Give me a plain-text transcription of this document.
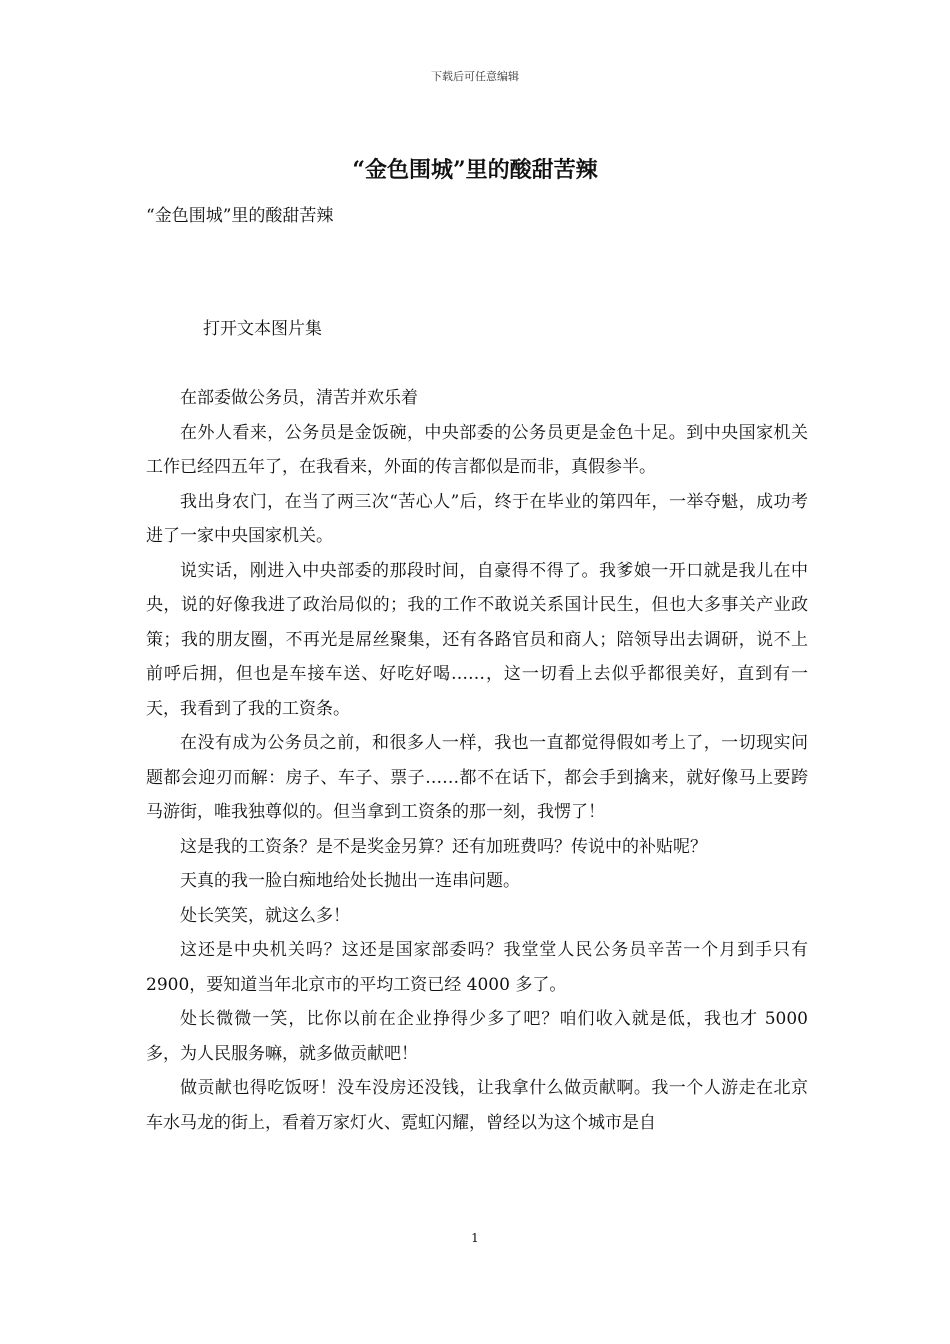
下载后可任意编辑
“金色围城”里的酸甜苦辣

“金色围城”里的酸甜苦辣

打开文本图片集

在部委做公务员，清苦并欢乐着

在外人看来，公务员是金饭碗，中央部委的公务员更是金色十足。到中央国家机关工作已经四五年了，在我看来，外面的传言都似是而非，真假参半。

我出身农门，在当了两三次“苦心人”后，终于在毕业的第四年，一举夺魁，成功考进了一家中央国家机关。

说实话，刚进入中央部委的那段时间，自豪得不得了。我爹娘一开口就是我儿在中央，说的好像我进了政治局似的；我的工作不敢说关系国计民生，但也大多事关产业政策；我的朋友圈，不再光是屌丝聚集，还有各路官员和商人；陪领导出去调研，说不上前呼后拥，但也是车接车送、好吃好喝……，这一切看上去似乎都很美好，直到有一天，我看到了我的工资条。

在没有成为公务员之前，和很多人一样，我也一直都觉得假如考上了，一切现实问题都会迎刃而解：房子、车子、票子……都不在话下，都会手到擒来，就好像马上要跨马游街，唯我独尊似的。但当拿到工资条的那一刻，我愣了！

这是我的工资条？是不是奖金另算？还有加班费吗？传说中的补贴呢？

天真的我一脸白痴地给处长抛出一连串问题。

处长笑笑，就这么多！

这还是中央机关吗？这还是国家部委吗？我堂堂人民公务员辛苦一个月到手只有 2900，要知道当年北京市的平均工资已经 4000 多了。

处长微微一笑，比你以前在企业挣得少多了吧？咱们收入就是低，我也才 5000 多，为人民服务嘛，就多做贡献吧！

做贡献也得吃饭呀！没车没房还没钱，让我拿什么做贡献啊。我一个人游走在北京车水马龙的街上，看着万家灯火、霓虹闪耀，曾经以为这个城市是自

1
